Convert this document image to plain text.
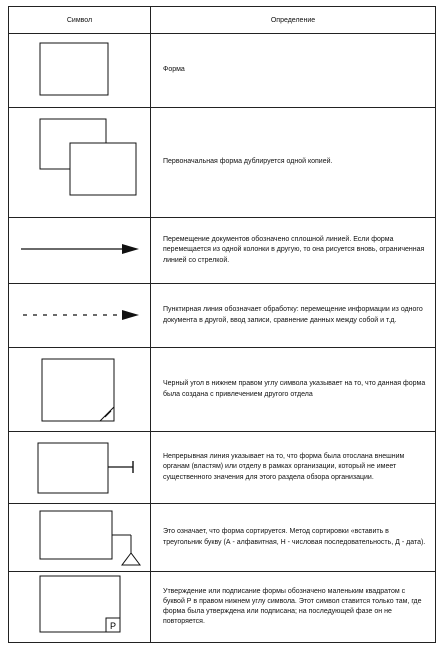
Символ	Определение

	Форма

	Первоначальная форма дублируется одной копией.

	Перемещение документов обозначено сплошной линией. Если форма перемещается из одной колонки в другую, то она рисуется вновь, ограниченная линией со стрелкой.

	Пунктирная линия обозначает обработку: перемещение информации из одного документа в другой, ввод записи, сравнение данных между собой и т.д.

	Черный угол в нижнем правом углу символа указывает на то, что данная форма была создана с привлечением другого отдела

	Непрерывная линия указывает на то, что форма была отослана внешним органам (властям) или отделу в рамках организации, который не имеет существенного значения для этого раздела обзора организации.

	Это означает, что форма сортируется. Метод сортировки «вставить в треугольник букву (А - алфавитная, Н - числовая последовательность, Д - дата).

P	Утверждение или подписание формы обозначено маленьким квадратом с буквой Р в правом нижнем углу символа. Этот символ ставится только там, где форма была утверждена или подписана; на последующей фазе он не повторяется.
